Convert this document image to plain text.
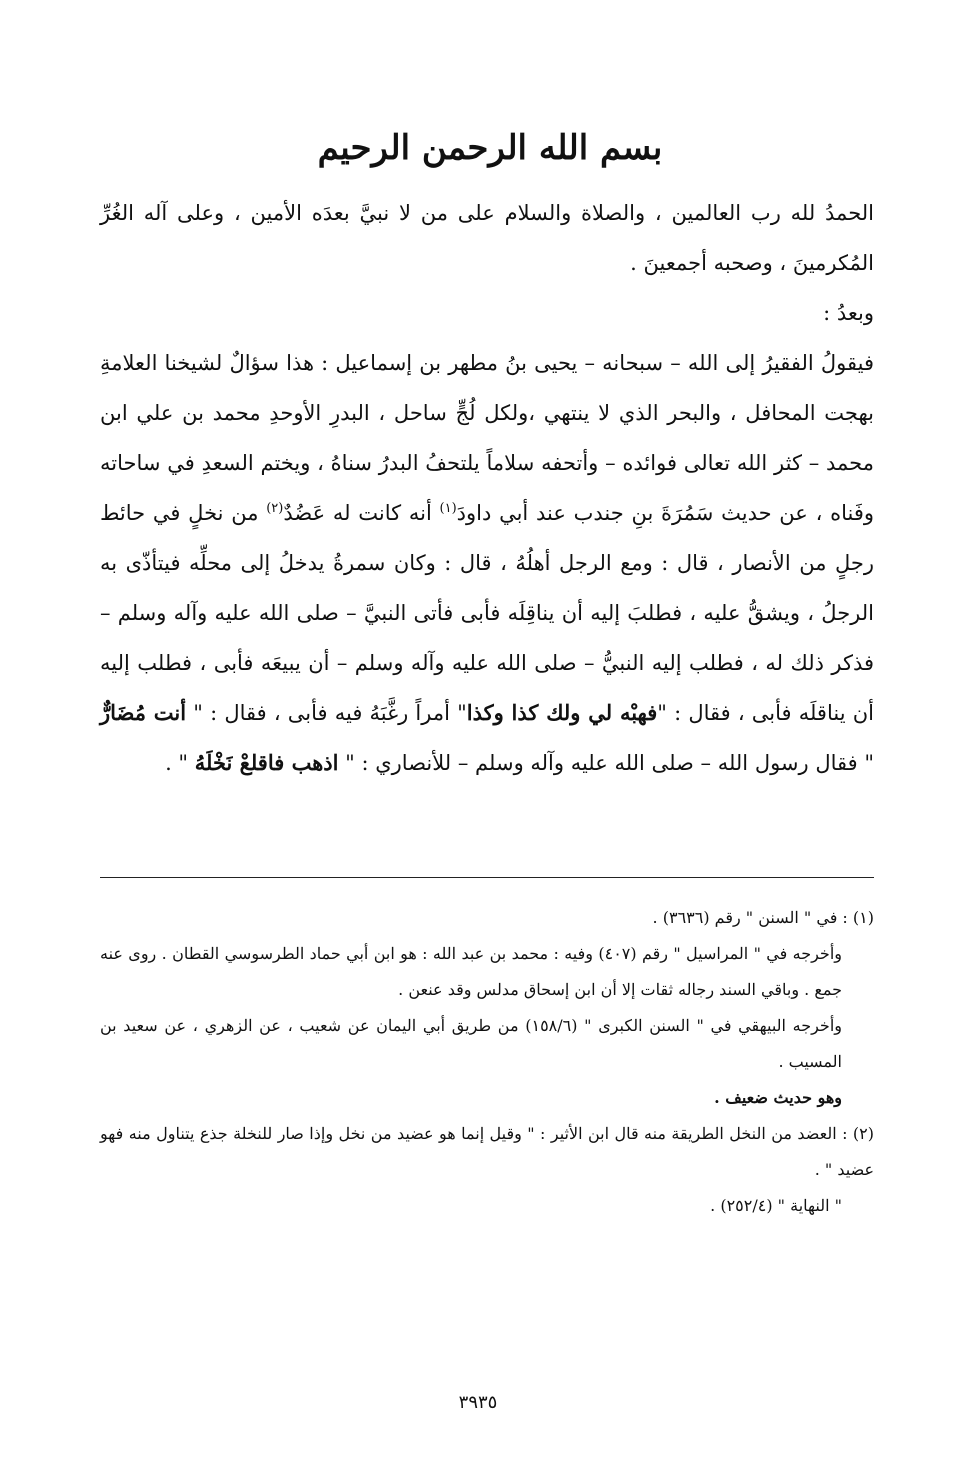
بسم الله الرحمن الرحيم

الحمدُ لله رب العالمين ، والصلاة والسلام على من لا نبيَّ بعدَه الأمين ، وعلى آله الغُرِّ المُكرمينَ ، وصحبه أجمعينَ .

وبعدُ :

فيقولُ الفقيرُ إلى الله – سبحانه – يحيى بنُ مطهر بن إسماعيل : هذا سؤالٌ لشيخنا العلامةِ بهجت المحافل ، والبحر الذي لا ينتهي ،ولكل لُجٍّ ساحل ، البدرِ الأوحدِ محمد بن علي ابن محمد – كثر الله تعالى فوائده – وأتحفه سلاماً يلتحفُ البدرُ سناهُ ، ويختم السعدِ في ساحاته وفَناه ، عن حديث سَمُرَةَ بنِ جندب عند أبي داودَ$^{(١)}$ أنه كانت له عَضُدٌ$^{(٢)}$ من نخلٍ في حائط رجلٍ من الأنصار ، قال : ومع الرجل أهلُهُ ، قال : وكان سمرةُ يدخلُ إلى محلِّه فيتأذّى به الرجلُ ، ويشقُّ عليه ، فطلبَ إليه أن يناقِلَه فأبى فأتى النبيَّ – صلى الله عليه وآله وسلم – فذكر ذلك له ، فطلب إليه النبيُّ – صلى الله عليه وآله وسلم – أن يبيعَه فأبى ، فطلب إليه أن يناقلَه فأبى ، فقال : "فهبْه لي ولك كذا وكذا" أمراً رغَّبَهُ فيه فأبى ، فقال : " أنت مُضَارٌّ " فقال رسول الله – صلى الله عليه وآله وسلم – للأنصاري : " اذهب فاقلعْ نَخْلَهُ " .

(١) : في " السنن " رقم (٣٦٣٦) .

وأخرجه في " المراسيل " رقم (٤٠٧) وفيه : محمد بن عبد الله : هو ابن أبي حماد الطرسوسي القطان . روى عنه جمع . وباقي السند رجاله ثقات إلا أن ابن إسحاق مدلس وقد عنعن .

وأخرجه البيهقي في " السنن الكبرى " (١٥٨/٦) من طريق أبي اليمان عن شعيب ، عن الزهري ، عن سعيد بن المسيب .

وهو حديث ضعيف .

(٢) : العضد من النخل الطريقة منه قال ابن الأثير : " وقيل إنما هو عضيد من نخل وإذا صار للنخلة جذع يتناول منه فهو عضيد " .

" النهاية " (٢٥٢/٤) .

٣٩٣٥
